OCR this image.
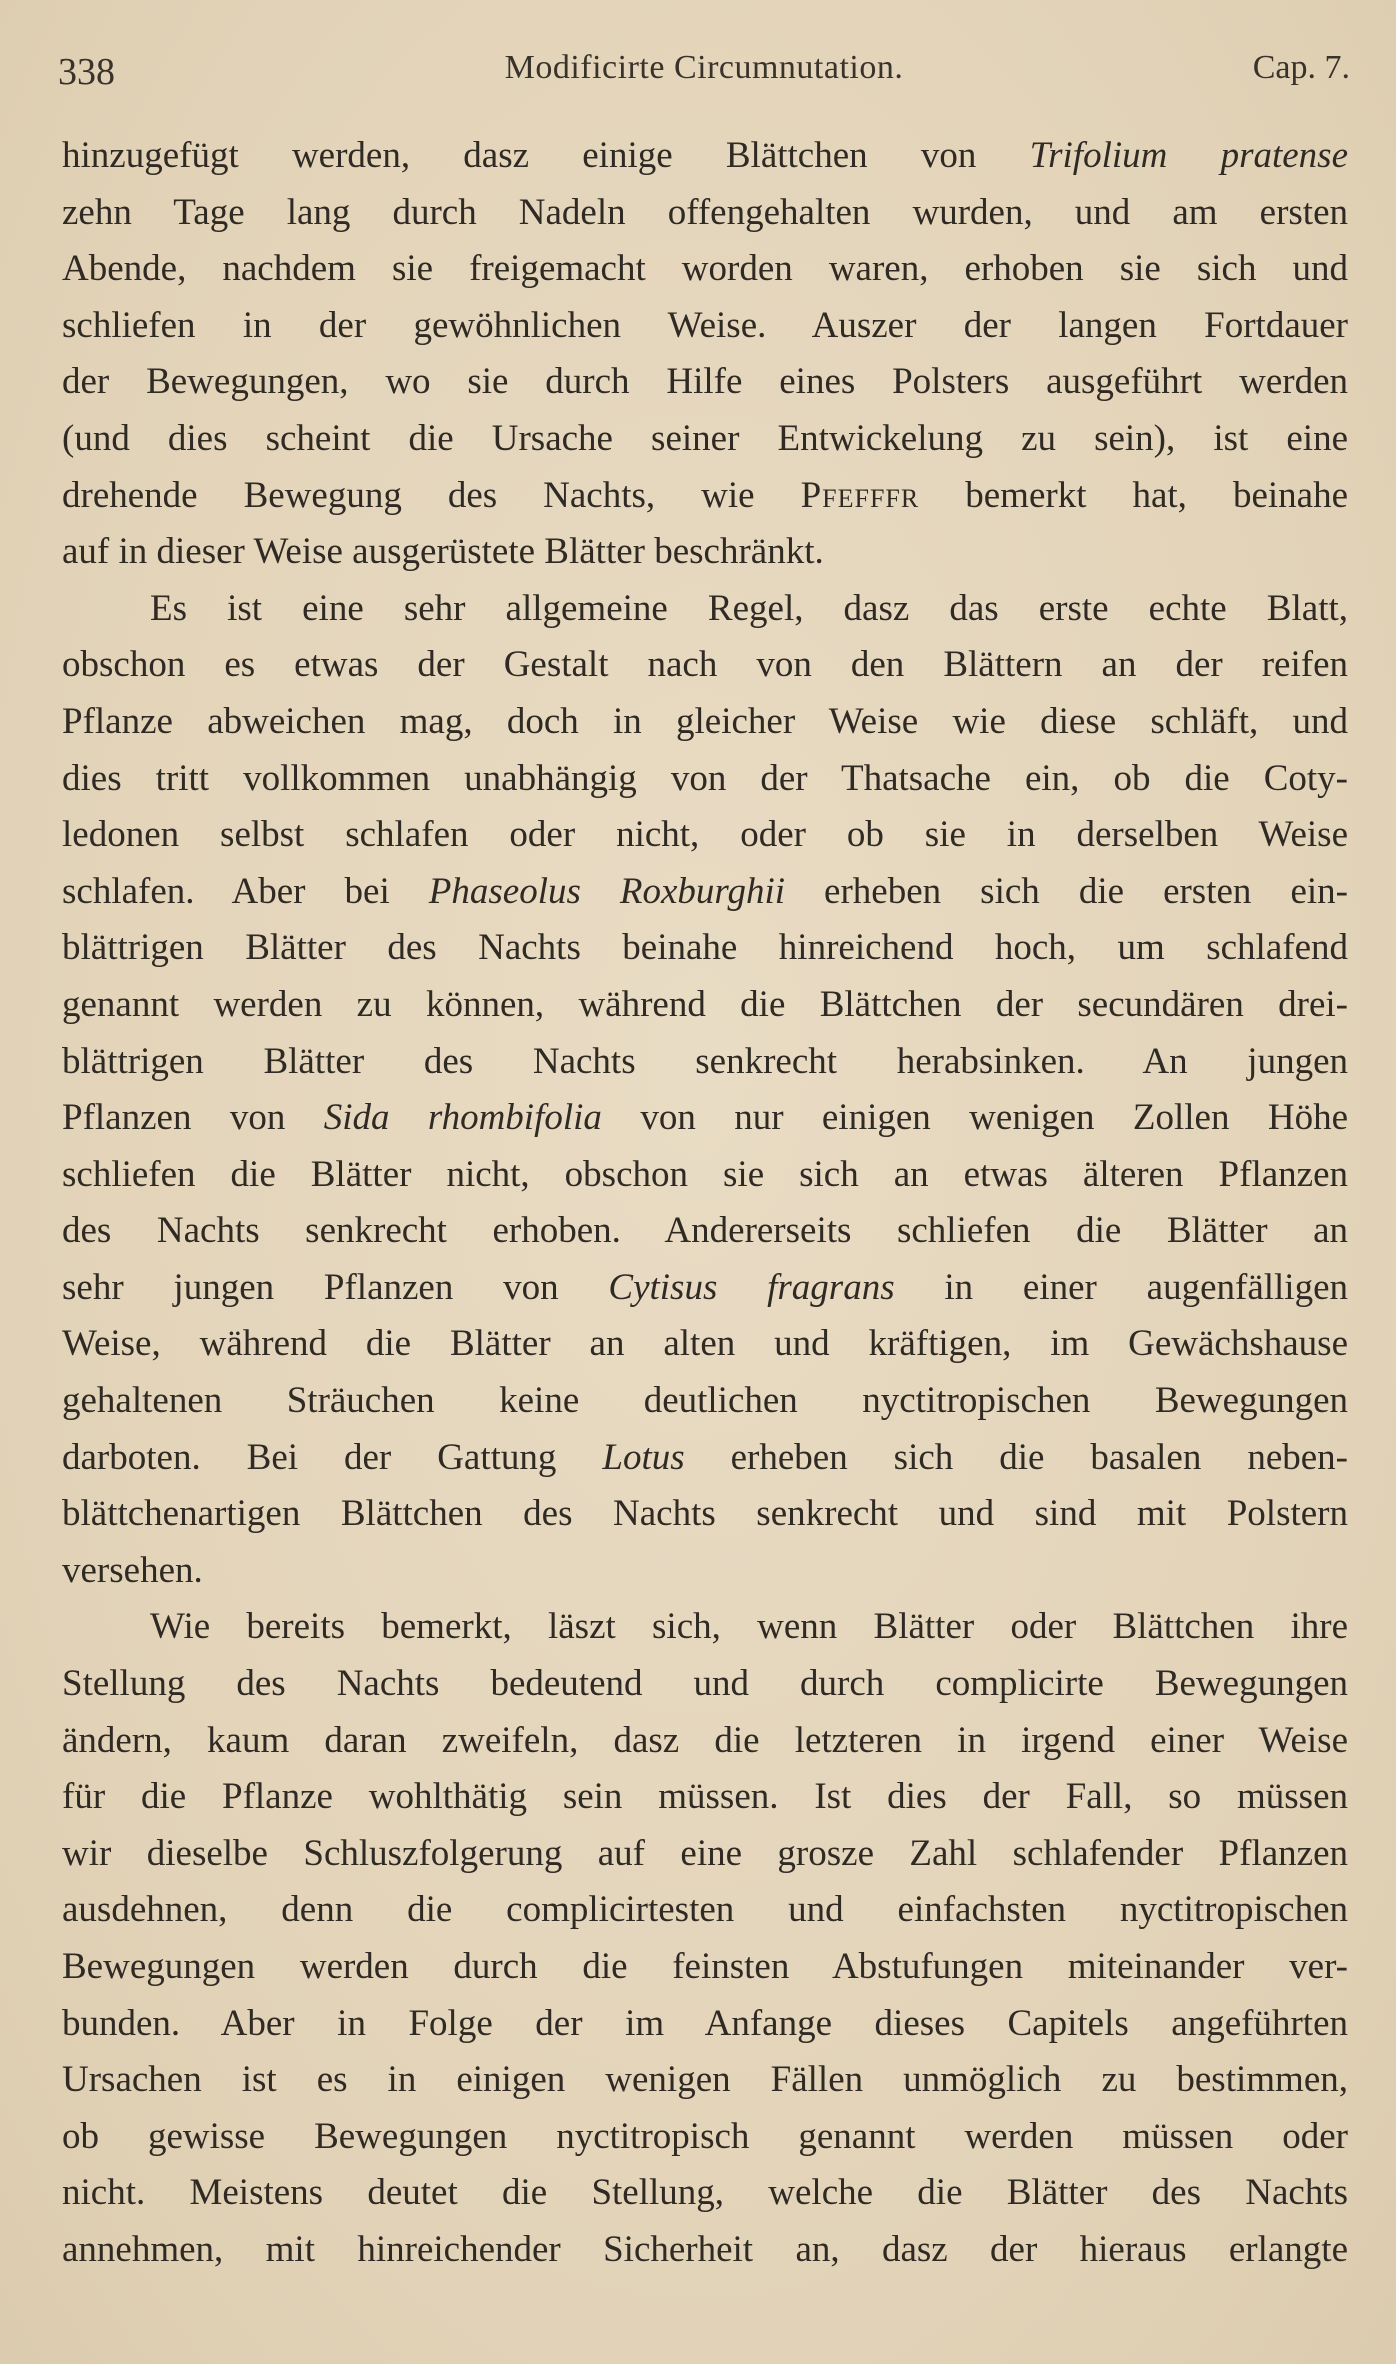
338	Modificirte Circumnutation.	Cap. 7.
hinzugefügt werden, dasz einige Blättchen von Trifolium pratense
zehn Tage lang durch Nadeln offengehalten wurden, und am ersten
Abende, nachdem sie freigemacht worden waren, erhoben sie sich und
schliefen in der gewöhnlichen Weise. Auszer der langen Fortdauer
der Bewegungen, wo sie durch Hilfe eines Polsters ausgeführt werden
(und dies scheint die Ursache seiner Entwickelung zu sein), ist eine
drehende Bewegung des Nachts, wie Pfefffr bemerkt hat, beinahe
auf in dieser Weise ausgerüstete Blätter beschränkt.
Es ist eine sehr allgemeine Regel, dasz das erste echte Blatt,
obschon es etwas der Gestalt nach von den Blättern an der reifen
Pflanze abweichen mag, doch in gleicher Weise wie diese schläft, und
dies tritt vollkommen unabhängig von der Thatsache ein, ob die Coty-
ledonen selbst schlafen oder nicht, oder ob sie in derselben Weise
schlafen. Aber bei Phaseolus Roxburghii erheben sich die ersten ein-
blättrigen Blätter des Nachts beinahe hinreichend hoch, um schlafend
genannt werden zu können, während die Blättchen der secundären drei-
blättrigen Blätter des Nachts senkrecht herabsinken. An jungen
Pflanzen von Sida rhombifolia von nur einigen wenigen Zollen Höhe
schliefen die Blätter nicht, obschon sie sich an etwas älteren Pflanzen
des Nachts senkrecht erhoben. Andererseits schliefen die Blätter an
sehr jungen Pflanzen von Cytisus fragrans in einer augenfälligen
Weise, während die Blätter an alten und kräftigen, im Gewächshause
gehaltenen Sträuchen keine deutlichen nyctitropischen Bewegungen
darboten. Bei der Gattung Lotus erheben sich die basalen neben-
blättchenartigen Blättchen des Nachts senkrecht und sind mit Polstern
versehen.
Wie bereits bemerkt, läszt sich, wenn Blätter oder Blättchen ihre
Stellung des Nachts bedeutend und durch complicirte Bewegungen
ändern, kaum daran zweifeln, dasz die letzteren in irgend einer Weise
für die Pflanze wohlthätig sein müssen. Ist dies der Fall, so müssen
wir dieselbe Schluszfolgerung auf eine grosze Zahl schlafender Pflanzen
ausdehnen, denn die complicirtesten und einfachsten nyctitropischen
Bewegungen werden durch die feinsten Abstufungen miteinander ver-
bunden. Aber in Folge der im Anfange dieses Capitels angeführten
Ursachen ist es in einigen wenigen Fällen unmöglich zu bestimmen,
ob gewisse Bewegungen nyctitropisch genannt werden müssen oder
nicht. Meistens deutet die Stellung, welche die Blätter des Nachts
annehmen, mit hinreichender Sicherheit an, dasz der hieraus erlangte
